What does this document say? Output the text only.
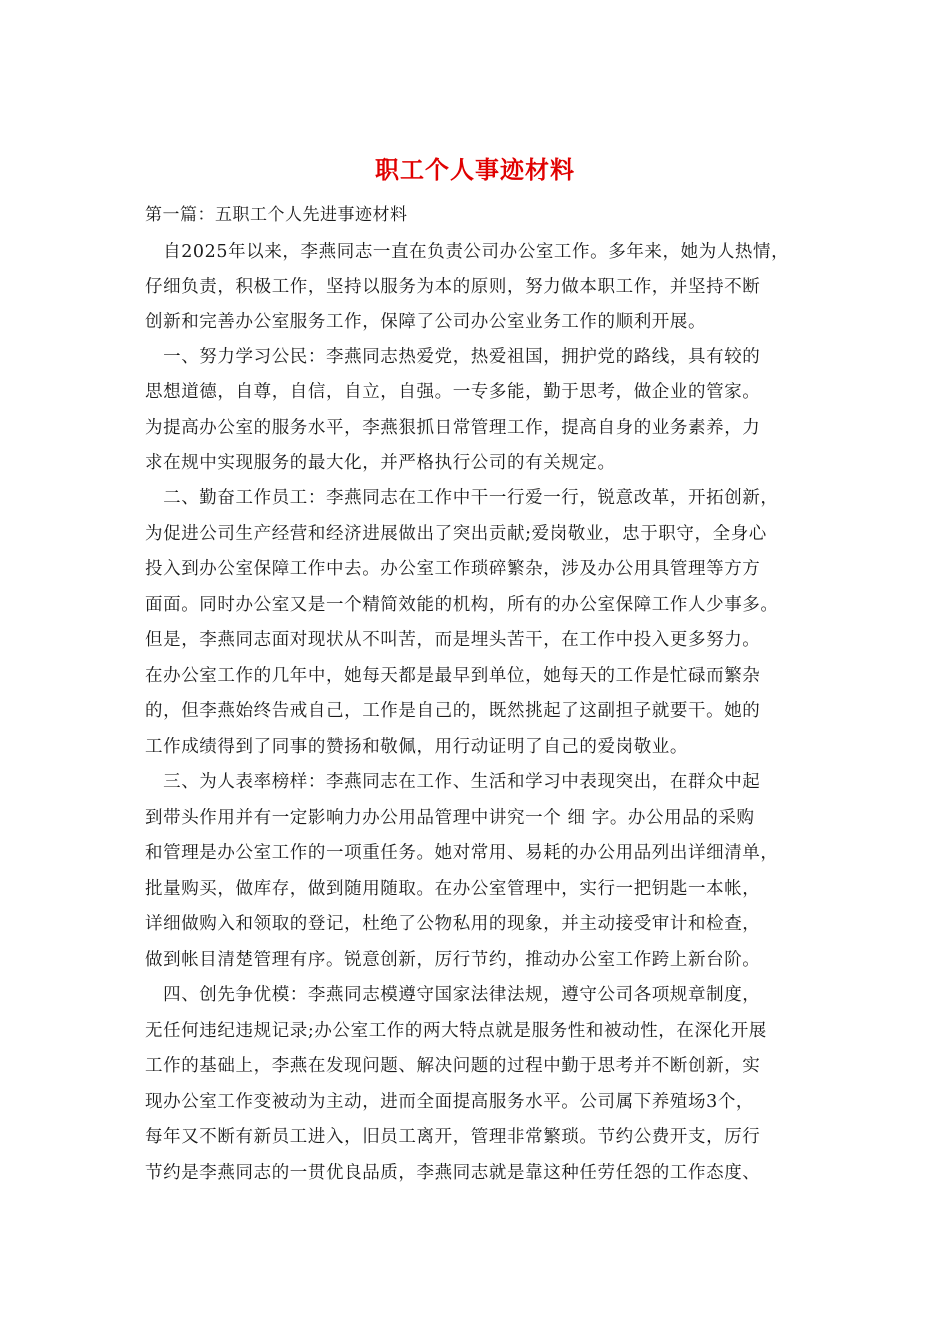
职工个人事迹材料
第一篇：五职工个人先进事迹材料
　自2025年以来，李燕同志一直在负责公司办公室工作。多年来，她为人热情，
仔细负责，积极工作，坚持以服务为本的原则，努力做本职工作，并坚持不断
创新和完善办公室服务工作，保障了公司办公室业务工作的顺利开展。
　一、努力学习公民：李燕同志热爱党，热爱祖国，拥护党的路线，具有较的
思想道德，自尊，自信，自立，自强。一专多能，勤于思考，做企业的管家。
为提高办公室的服务水平，李燕狠抓日常管理工作，提高自身的业务素养，力
求在规中实现服务的最大化，并严格执行公司的有关规定。
　二、勤奋工作员工：李燕同志在工作中干一行爱一行，锐意改革，开拓创新，
为促进公司生产经营和经济进展做出了突出贡献;爱岗敬业，忠于职守，全身心
投入到办公室保障工作中去。办公室工作琐碎繁杂，涉及办公用具管理等方方
面面。同时办公室又是一个精简效能的机构，所有的办公室保障工作人少事多。
但是，李燕同志面对现状从不叫苦，而是埋头苦干，在工作中投入更多努力。
在办公室工作的几年中，她每天都是最早到单位，她每天的工作是忙碌而繁杂
的，但李燕始终告戒自己，工作是自己的，既然挑起了这副担子就要干。她的
工作成绩得到了同事的赞扬和敬佩，用行动证明了自己的爱岗敬业。
　三、为人表率榜样：李燕同志在工作、生活和学习中表现突出，在群众中起
到带头作用并有一定影响力办公用品管理中讲究一个 细 字。办公用品的采购
和管理是办公室工作的一项重任务。她对常用、易耗的办公用品列出详细清单，
批量购买，做库存，做到随用随取。在办公室管理中，实行一把钥匙一本帐，
详细做购入和领取的登记，杜绝了公物私用的现象，并主动接受审计和检查，
做到帐目清楚管理有序。锐意创新，厉行节约，推动办公室工作跨上新台阶。
　四、创先争优模：李燕同志模遵守国家法律法规，遵守公司各项规章制度，
无任何违纪违规记录;办公室工作的两大特点就是服务性和被动性，在深化开展
工作的基础上，李燕在发现问题、解决问题的过程中勤于思考并不断创新，实
现办公室工作变被动为主动，进而全面提高服务水平。公司属下养殖场3个，
每年又不断有新员工进入，旧员工离开，管理非常繁琐。节约公费开支，厉行
节约是李燕同志的一贯优良品质，李燕同志就是靠这种任劳任怨的工作态度、
